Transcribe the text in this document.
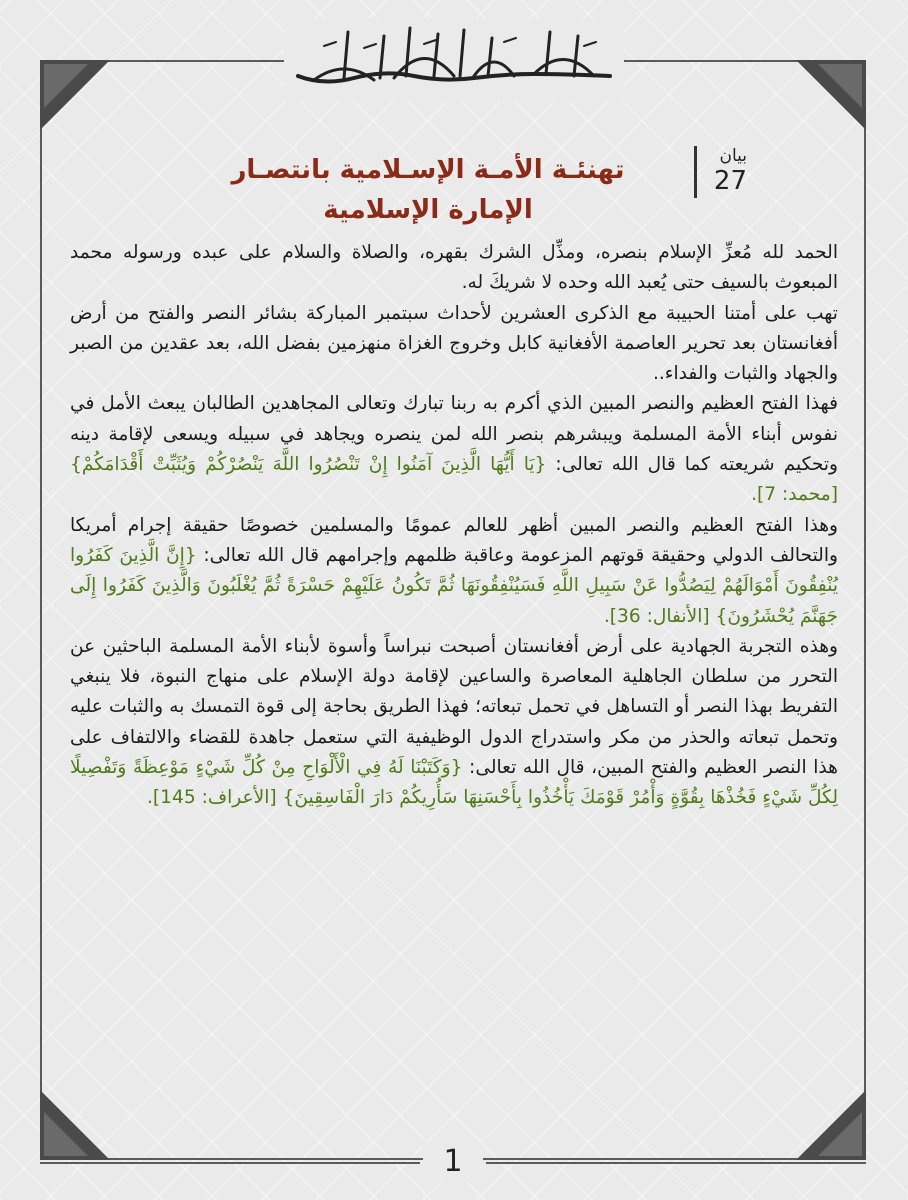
بيان
27
تهنئـة الأمـة الإسـلامية بانتصـار
الإمارة الإسلامية

الحمد لله مُعزِّ الإسلام بنصره، ومذِّل الشرك بقهره، والصلاة والسلام على عبده ورسوله محمد المبعوث بالسيف حتى يُعبد الله وحده لا شريكَ له.

تهب على أمتنا الحبيبة مع الذكرى العشرين لأحداث سبتمبر المباركة بشائر النصر والفتح من أرض أفغانستان بعد تحرير العاصمة الأفغانية كابل وخروج الغزاة منهزمين بفضل الله، بعد عقدين من الصبر والجهاد والثبات والفداء..

فهذا الفتح العظيم والنصر المبين الذي أكرم به ربنا تبارك وتعالى المجاهدين الطالبان يبعث الأمل في نفوس أبناء الأمة المسلمة ويبشرهم بنصر الله لمن ينصره ويجاهد في سبيله ويسعى لإقامة دينه وتحكيم شريعته كما قال الله تعالى: {يَا أَيُّهَا الَّذِينَ آمَنُوا إِنْ تَنْصُرُوا اللَّهَ يَنْصُرْكُمْ وَيُثَبِّتْ أَقْدَامَكُمْ} [محمد: 7].

وهذا الفتح العظيم والنصر المبين أظهر للعالم عمومًا والمسلمين خصوصًا حقيقة إجرام أمريكا والتحالف الدولي وحقيقة قوتهم المزعومة وعاقبة ظلمهم وإجرامهم قال الله تعالى: {إِنَّ الَّذِينَ كَفَرُوا يُنْفِقُونَ أَمْوَالَهُمْ لِيَصُدُّوا عَنْ سَبِيلِ اللَّهِ فَسَيُنْفِقُونَهَا ثُمَّ تَكُونُ عَلَيْهِمْ حَسْرَةً ثُمَّ يُغْلَبُونَ وَالَّذِينَ كَفَرُوا إِلَى جَهَنَّمَ يُحْشَرُونَ} [الأنفال: 36].

وهذه التجربة الجهادية على أرض أفغانستان أصبحت نبراساً وأسوة لأبناء الأمة المسلمة الباحثين عن التحرر من سلطان الجاهلية المعاصرة والساعين لإقامة دولة الإسلام على منهاج النبوة، فلا ينبغي التفريط بهذا النصر أو التساهل في تحمل تبعاته؛ فهذا الطريق بحاجة إلى قوة التمسك به والثبات عليه وتحمل تبعاته والحذر من مكر واستدراج الدول الوظيفية التي ستعمل جاهدة للقضاء والالتفاف على هذا النصر العظيم والفتح المبين، قال الله تعالى: {وَكَتَبْنَا لَهُ فِي الْأَلْوَاحِ مِنْ كُلِّ شَيْءٍ مَوْعِظَةً وَتَفْصِيلًا لِكُلِّ شَيْءٍ فَخُذْهَا بِقُوَّةٍ وَأْمُرْ قَوْمَكَ يَأْخُذُوا بِأَحْسَنِهَا سَأُرِيكُمْ دَارَ الْفَاسِقِينَ} [الأعراف: 145].

1
